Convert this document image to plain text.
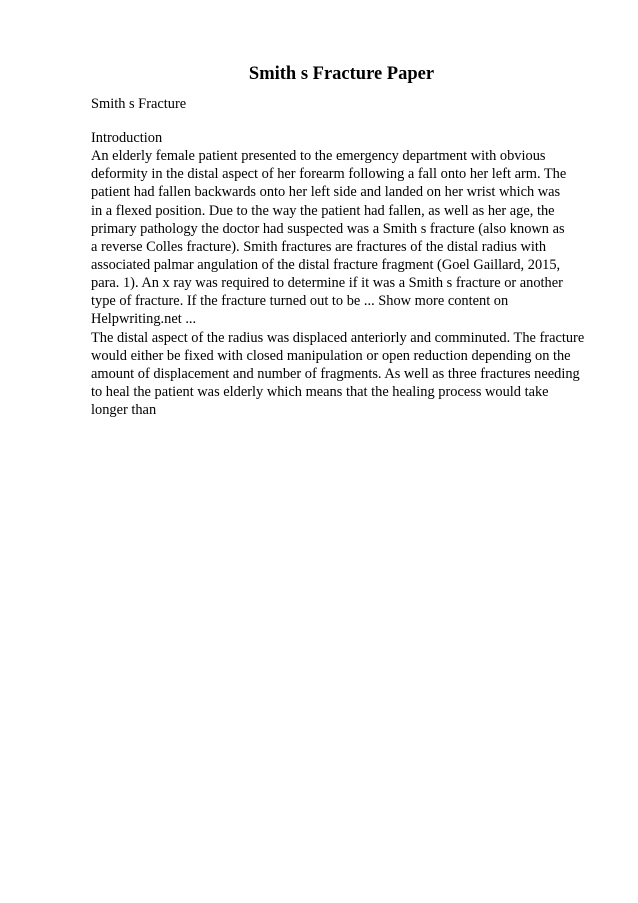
Smith s Fracture Paper
Smith s Fracture
Introduction
An elderly female patient presented to the emergency department with obvious
deformity in the distal aspect of her forearm following a fall onto her left arm. The
patient had fallen backwards onto her left side and landed on her wrist which was
in a flexed position. Due to the way the patient had fallen, as well as her age, the
primary pathology the doctor had suspected was a Smith s fracture (also known as
a reverse Colles fracture). Smith fractures are fractures of the distal radius with
associated palmar angulation of the distal fracture fragment (Goel Gaillard, 2015,
para. 1). An x ray was required to determine if it was a Smith s fracture or another
type of fracture. If the fracture turned out to be ... Show more content on
Helpwriting.net ...
The distal aspect of the radius was displaced anteriorly and comminuted. The fracture
would either be fixed with closed manipulation or open reduction depending on the
amount of displacement and number of fragments. As well as three fractures needing
to heal the patient was elderly which means that the healing process would take
longer than
